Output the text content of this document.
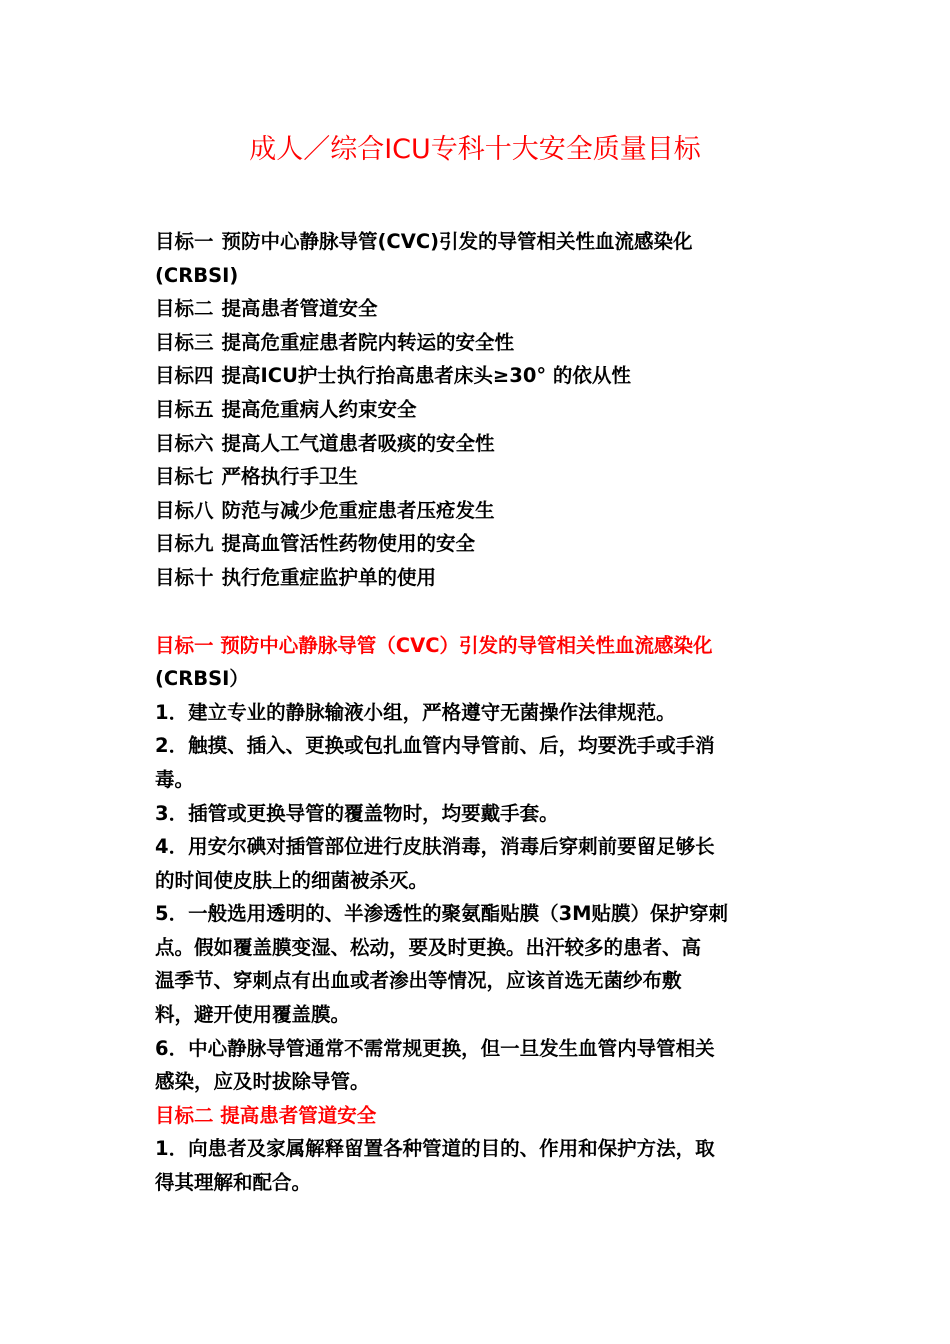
成人／综合ICU专科十大安全质量目标

目标一 预防中心静脉导管(CVC)引发的导管相关性血流感染化

(CRBSI)

目标二 提高患者管道安全

目标三 提高危重症患者院内转运的安全性

目标四 提高ICU护士执行抬高患者床头≥30° 的依从性

目标五 提高危重病人约束安全

目标六 提高人工气道患者吸痰的安全性

目标七 严格执行手卫生

目标八 防范与减少危重症患者压疮发生

目标九 提高血管活性药物使用的安全

目标十 执行危重症监护单的使用

目标一 预防中心静脉导管（CVC）引发的导管相关性血流感染化

(CRBSI）

1．建立专业的静脉输液小组，严格遵守无菌操作法律规范。

2．触摸、插入、更换或包扎血管内导管前、后，均要洗手或手消

毒。

3．插管或更换导管的覆盖物时，均要戴手套。

4．用安尔碘对插管部位进行皮肤消毒，消毒后穿刺前要留足够长

的时间使皮肤上的细菌被杀灭。

5．一般选用透明的、半渗透性的聚氨酯贴膜（3M贴膜）保护穿刺

点。假如覆盖膜变湿、松动，要及时更换。出汗较多的患者、高

温季节、穿刺点有出血或者渗出等情况，应该首选无菌纱布敷

料，避开使用覆盖膜。

6．中心静脉导管通常不需常规更换，但一旦发生血管内导管相关

感染，应及时拔除导管。

目标二 提高患者管道安全

1．向患者及家属解释留置各种管道的目的、作用和保护方法，取

得其理解和配合。
